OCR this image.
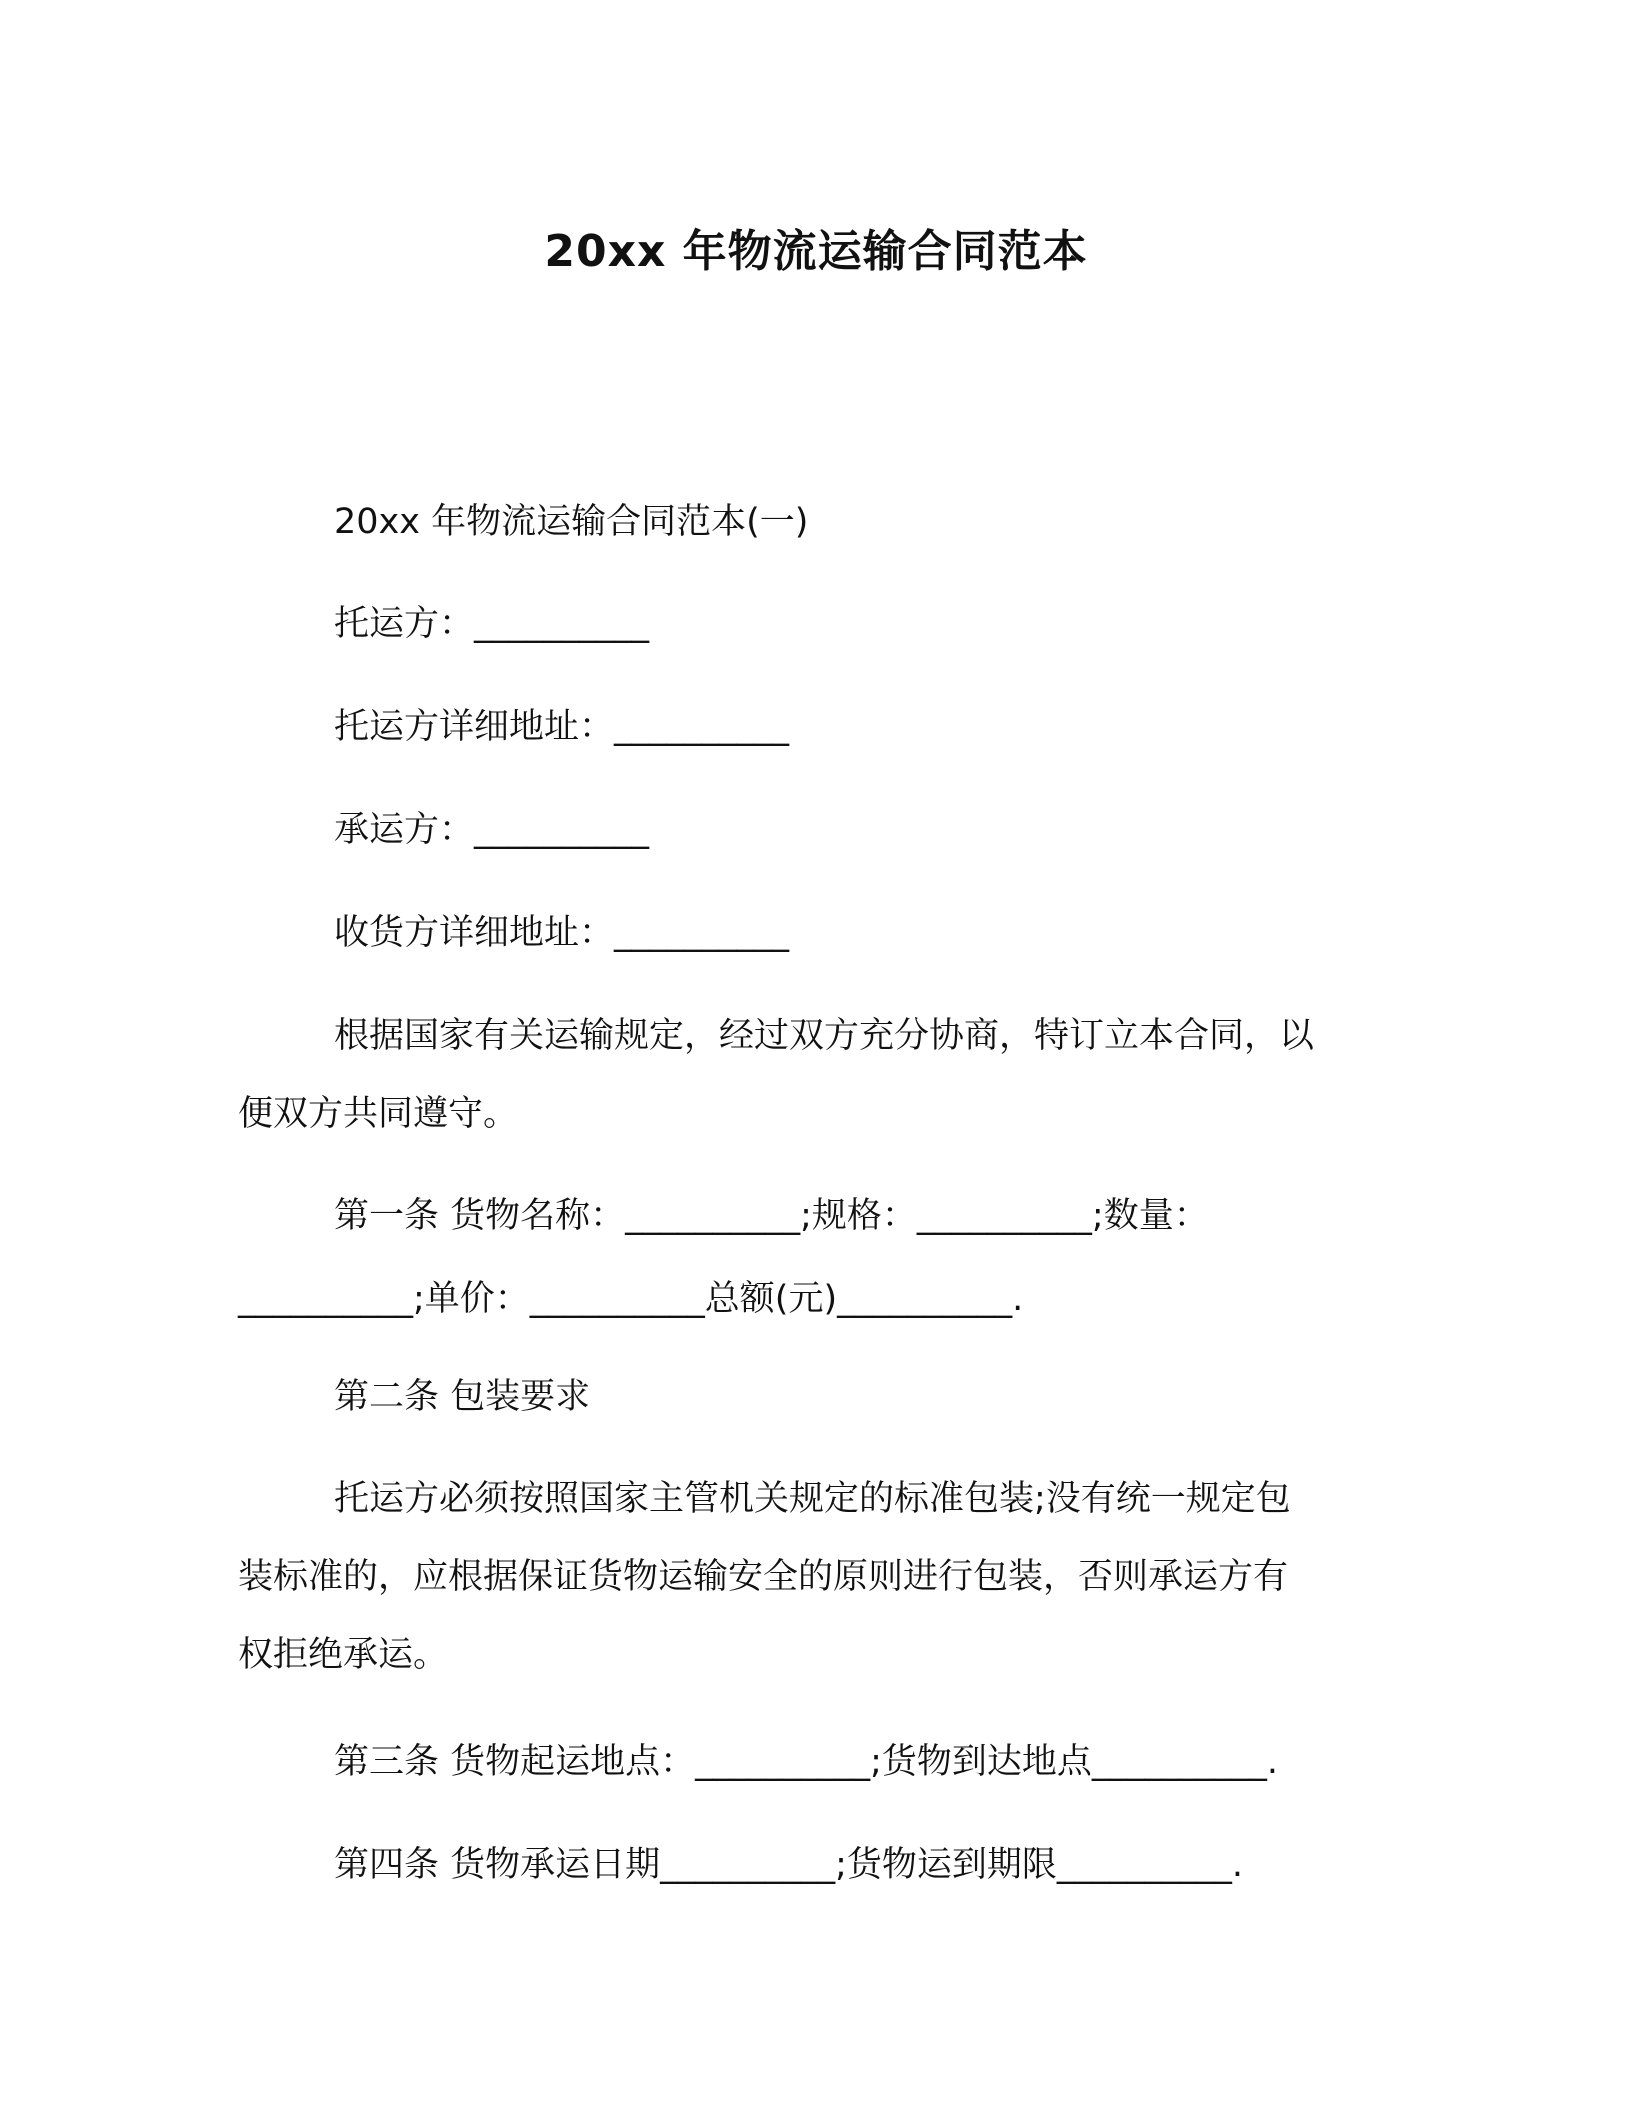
20xx 年物流运输合同范本
20xx 年物流运输合同范本(一)
托运方：__________
托运方详细地址：__________
承运方：__________
收货方详细地址：__________
根据国家有关运输规定，经过双方充分协商，特订立本合同，以
便双方共同遵守。
第一条 货物名称：__________;规格：__________;数量：
__________;单价：__________总额(元)__________.
第二条 包装要求
托运方必须按照国家主管机关规定的标准包装;没有统一规定包
装标准的，应根据保证货物运输安全的原则进行包装，否则承运方有
权拒绝承运。
第三条 货物起运地点：__________;货物到达地点__________.
第四条 货物承运日期__________;货物运到期限__________.
